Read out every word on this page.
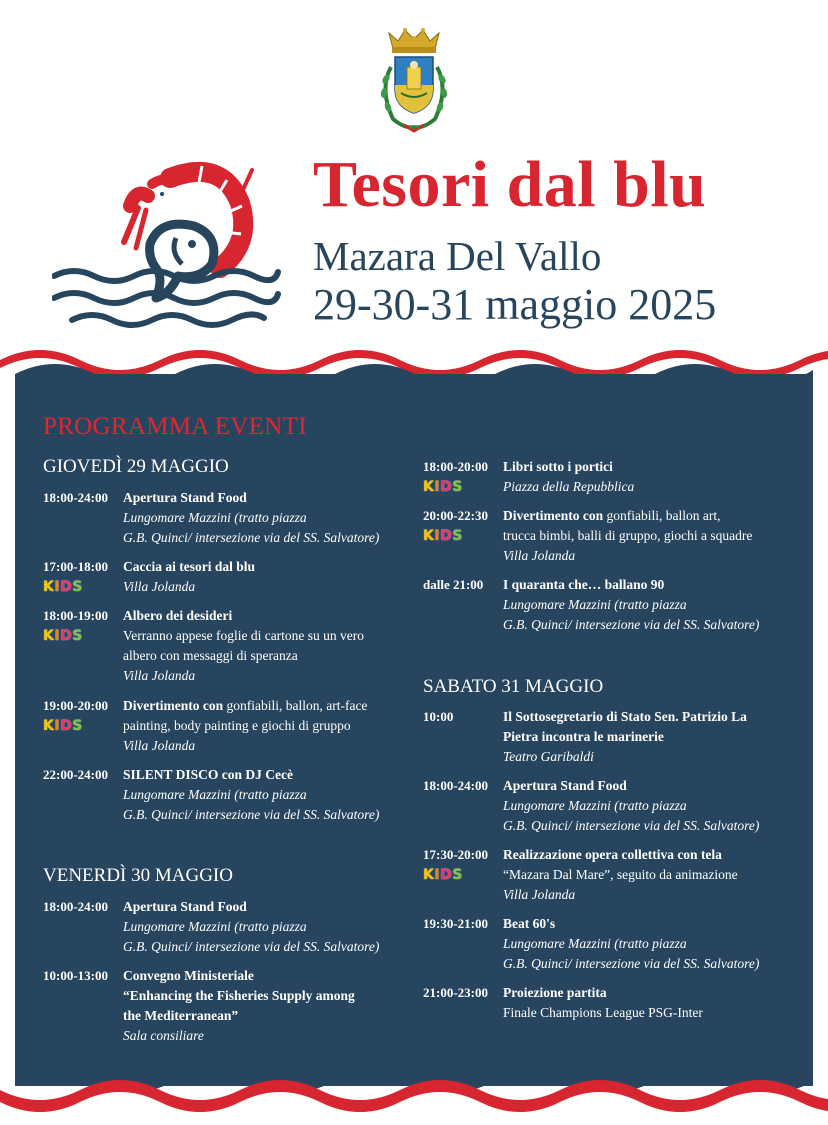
Tesori dal blu
Mazara Del Vallo
29-30-31 maggio 2025
PROGRAMMA EVENTI
GIOVEDÌ 29 MAGGIO
18:00-24:00 Apertura Stand Food
Lungomare Mazzini (tratto piazza
G.B. Quinci/ intersezione via del SS. Salvatore)
17:00-18:00
KIDS
Caccia ai tesori dal blu
Villa Jolanda
18:00-19:00
KIDS
Albero dei desideri
Verranno appese foglie di cartone su un vero
albero con messaggi di speranza
Villa Jolanda
19:00-20:00
KIDS
Divertimento con gonfiabili, ballon, art-face
painting, body painting e giochi di gruppo
Villa Jolanda
22:00-24:00 SILENT DISCO con DJ Cecè
Lungomare Mazzini (tratto piazza
G.B. Quinci/ intersezione via del SS. Salvatore)
VENERDÌ 30 MAGGIO
18:00-24:00 Apertura Stand Food
Lungomare Mazzini (tratto piazza
G.B. Quinci/ intersezione via del SS. Salvatore)
10:00-13:00 Convegno Ministeriale
“Enhancing the Fisheries Supply among
the Mediterranean”
Sala consiliare
18:00-20:00
KIDS
Libri sotto i portici
Piazza della Repubblica
20:00-22:30
KIDS
Divertimento con gonfiabili, ballon art,
trucca bimbi, balli di gruppo, giochi a squadre
Villa Jolanda
dalle 21:00 I quaranta che… ballano 90
Lungomare Mazzini (tratto piazza
G.B. Quinci/ intersezione via del SS. Salvatore)
SABATO 31 MAGGIO
10:00	Il Sottosegretario di Stato Sen. Patrizio La
Pietra incontra le marinerie
Teatro Garibaldi
18:00-24:00 Apertura Stand Food
Lungomare Mazzini (tratto piazza
G.B. Quinci/ intersezione via del SS. Salvatore)
17:30-20:00
KIDS
Realizzazione opera collettiva con tela
“Mazara Dal Mare”, seguito da animazione
Villa Jolanda
19:30-21:00 Beat 60's
Lungomare Mazzini (tratto piazza
G.B. Quinci/ intersezione via del SS. Salvatore)
21:00-23:00 Proiezione partita
Finale Champions League PSG-Inter
